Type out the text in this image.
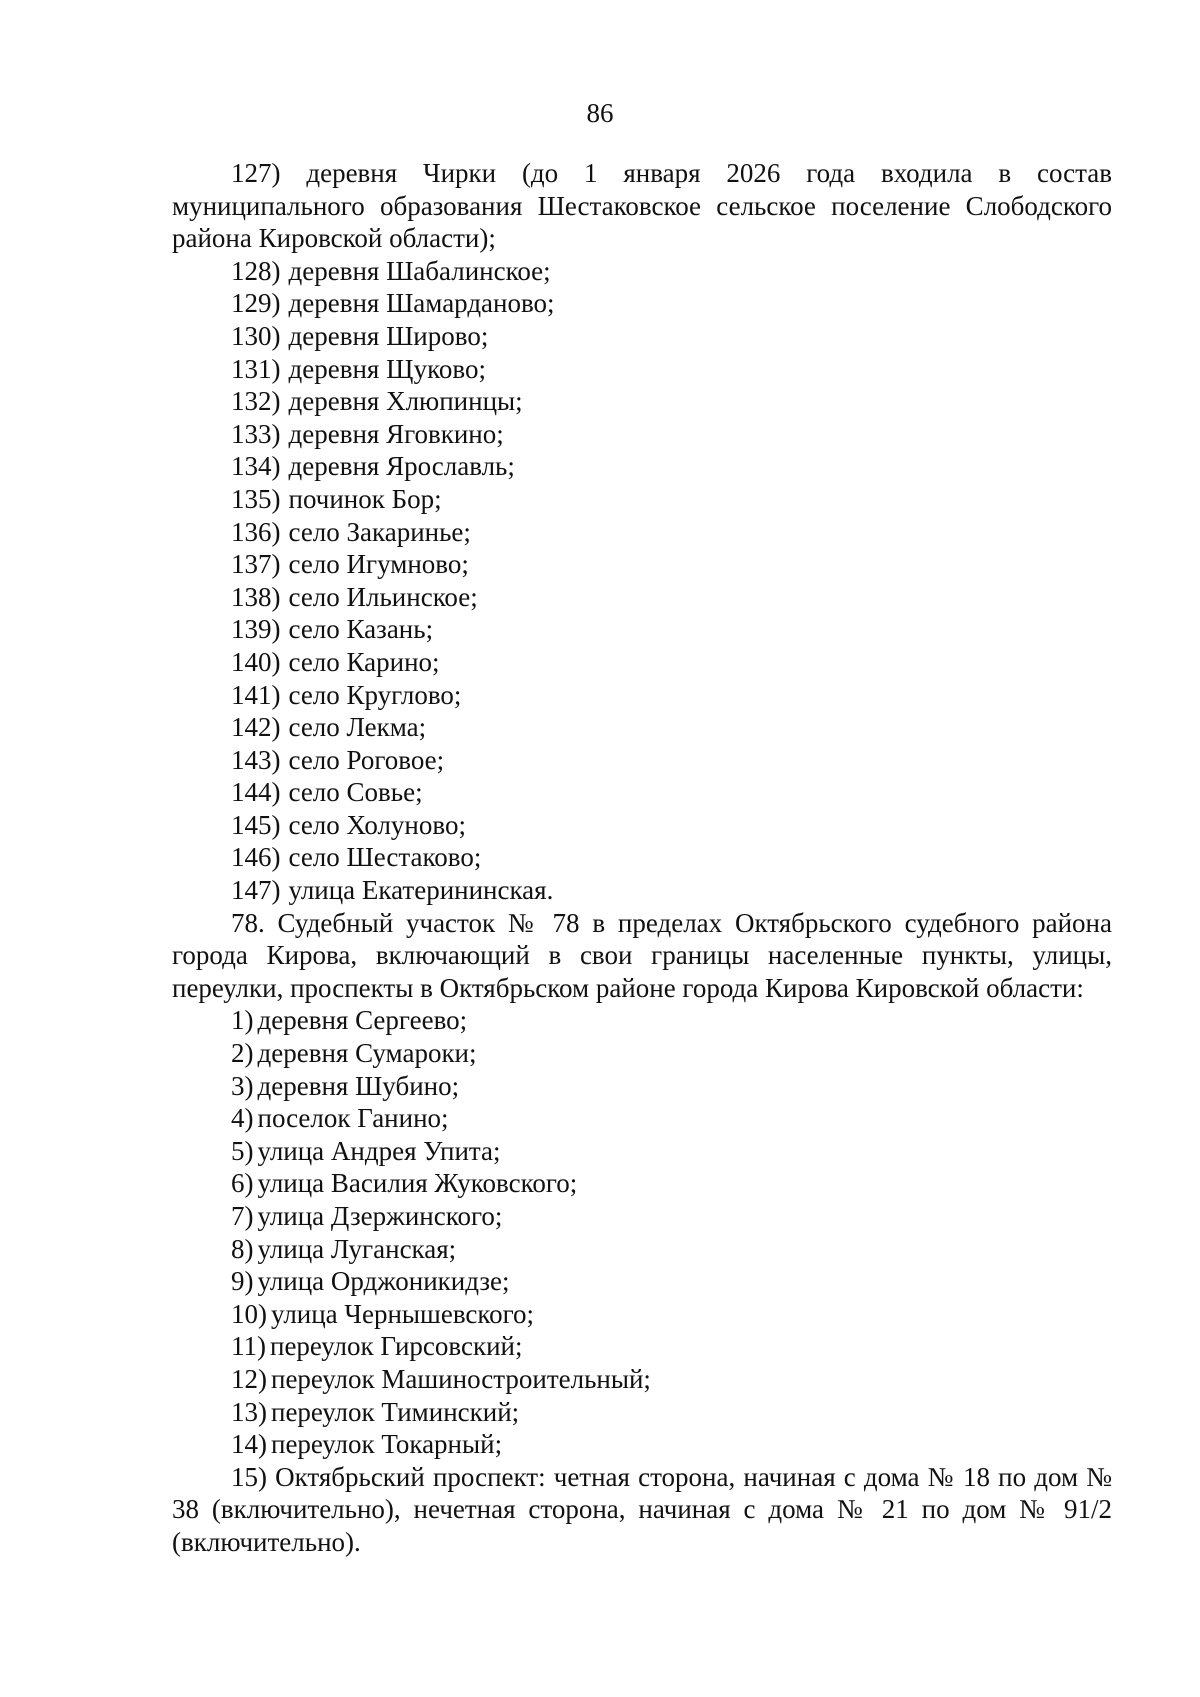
86

127) деревня Чирки (до 1 января 2026 года входила в состав муниципального образования Шестаковское сельское поселение Слободского района Кировской области);

128) деревня Шабалинское;
129) деревня Шамарданово;
130) деревня Широво;
131) деревня Щуково;
132) деревня Хлюпинцы;
133) деревня Яговкино;
134) деревня Ярославль;
135) починок Бор;
136) село Закаринье;
137) село Игумново;
138) село Ильинское;
139) село Казань;
140) село Карино;
141) село Круглово;
142) село Лекма;
143) село Роговое;
144) село Совье;
145) село Холуново;
146) село Шестаково;
147) улица Екатерининская.

78. Судебный участок № 78 в пределах Октябрьского судебного района города Кирова, включающий в свои границы населенные пункты, улицы, переулки, проспекты в Октябрьском районе города Кирова Кировской области:

1) деревня Сергеево;
2) деревня Сумароки;
3) деревня Шубино;
4) поселок Ганино;
5) улица Андрея Упита;
6) улица Василия Жуковского;
7) улица Дзержинского;
8) улица Луганская;
9) улица Орджоникидзе;
10) улица Чернышевского;
11) переулок Гирсовский;
12) переулок Машиностроительный;
13) переулок Тиминский;
14) переулок Токарный;

15) Октябрьский проспект: четная сторона, начиная с дома № 18 по дом № 38 (включительно), нечетная сторона, начиная с дома № 21 по дом № 91/2 (включительно).
